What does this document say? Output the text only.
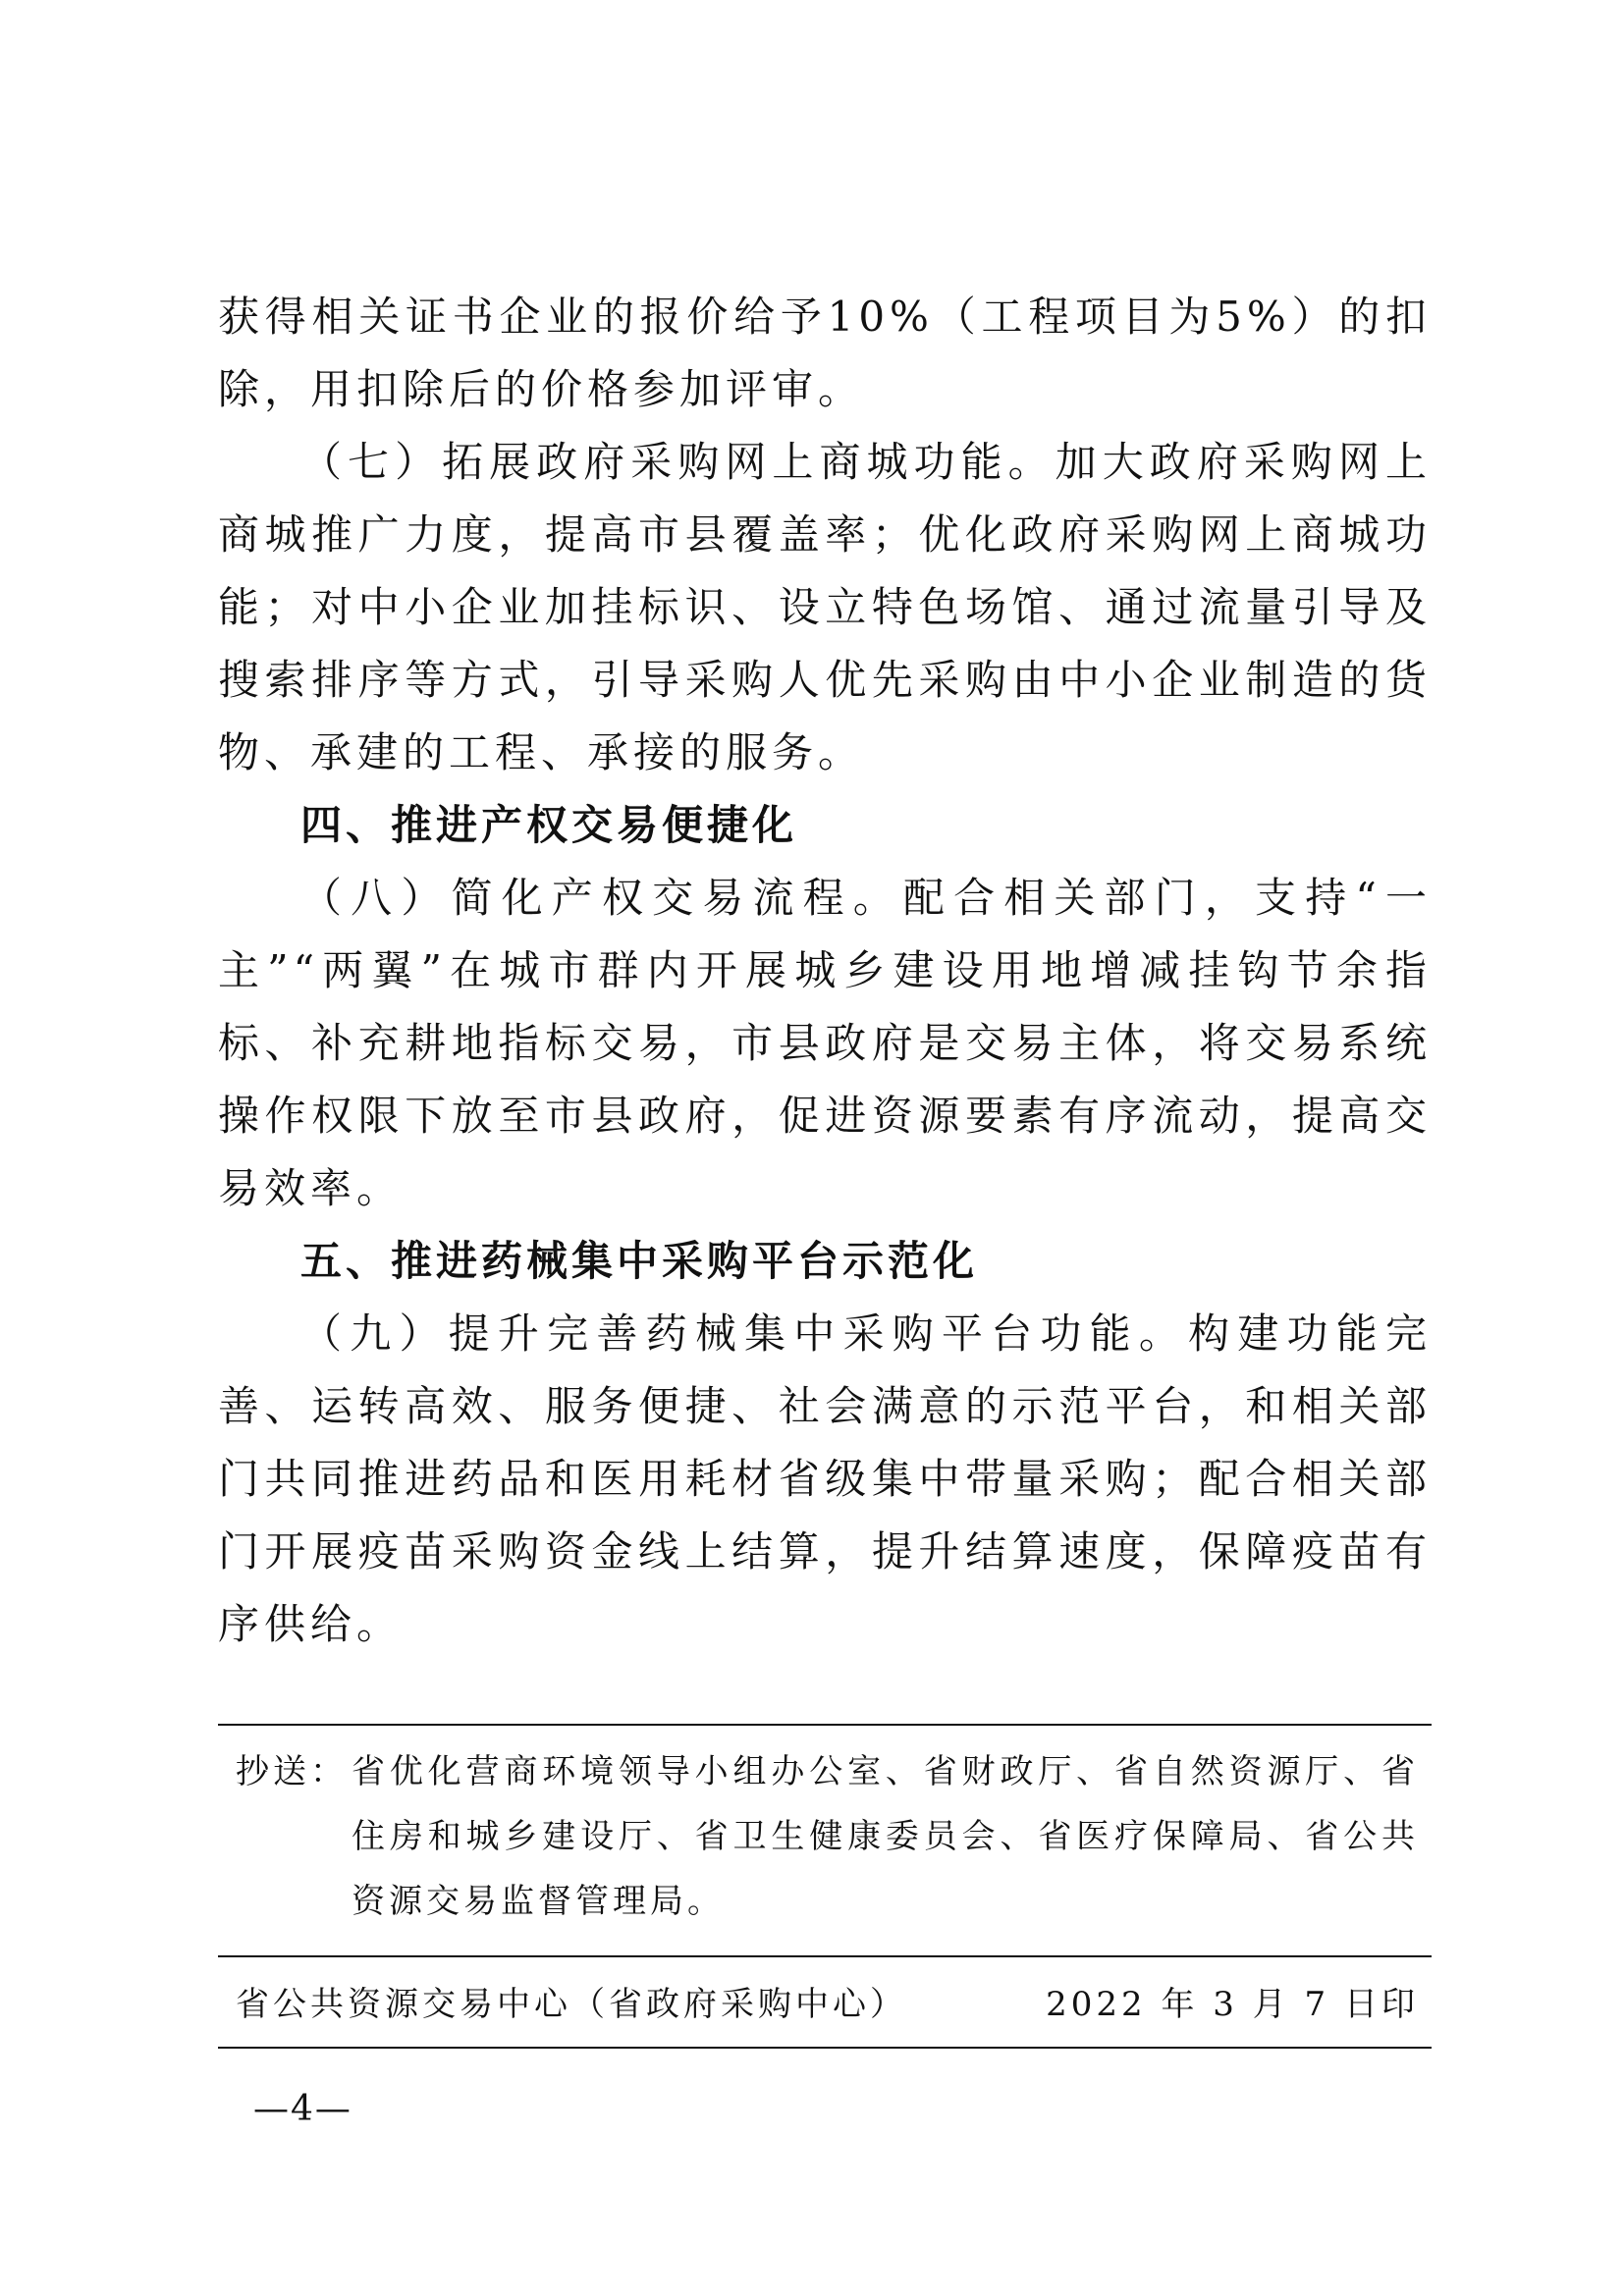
获得相关证书企业的报价给予10%（工程项目为5%）的扣除，用扣除后的价格参加评审。

（七）拓展政府采购网上商城功能。加大政府采购网上商城推广力度，提高市县覆盖率；优化政府采购网上商城功能；对中小企业加挂标识、设立特色场馆、通过流量引导及搜索排序等方式，引导采购人优先采购由中小企业制造的货物、承建的工程、承接的服务。

四、推进产权交易便捷化

（八）简化产权交易流程。配合相关部门，支持“一主”“两翼”在城市群内开展城乡建设用地增减挂钩节余指标、补充耕地指标交易，市县政府是交易主体，将交易系统操作权限下放至市县政府，促进资源要素有序流动，提高交易效率。

五、推进药械集中采购平台示范化

（九）提升完善药械集中采购平台功能。构建功能完善、运转高效、服务便捷、社会满意的示范平台，和相关部门共同推进药品和医用耗材省级集中带量采购；配合相关部门开展疫苗采购资金线上结算，提升结算速度，保障疫苗有序供给。

抄送： 省优化营商环境领导小组办公室、省财政厅、省自然资源厅、省住房和城乡建设厅、省卫生健康委员会、省医疗保障局、省公共资源交易监督管理局。
省公共资源交易中心（省政府采购中心）	2022 年 3 月 7 日印
—4—
